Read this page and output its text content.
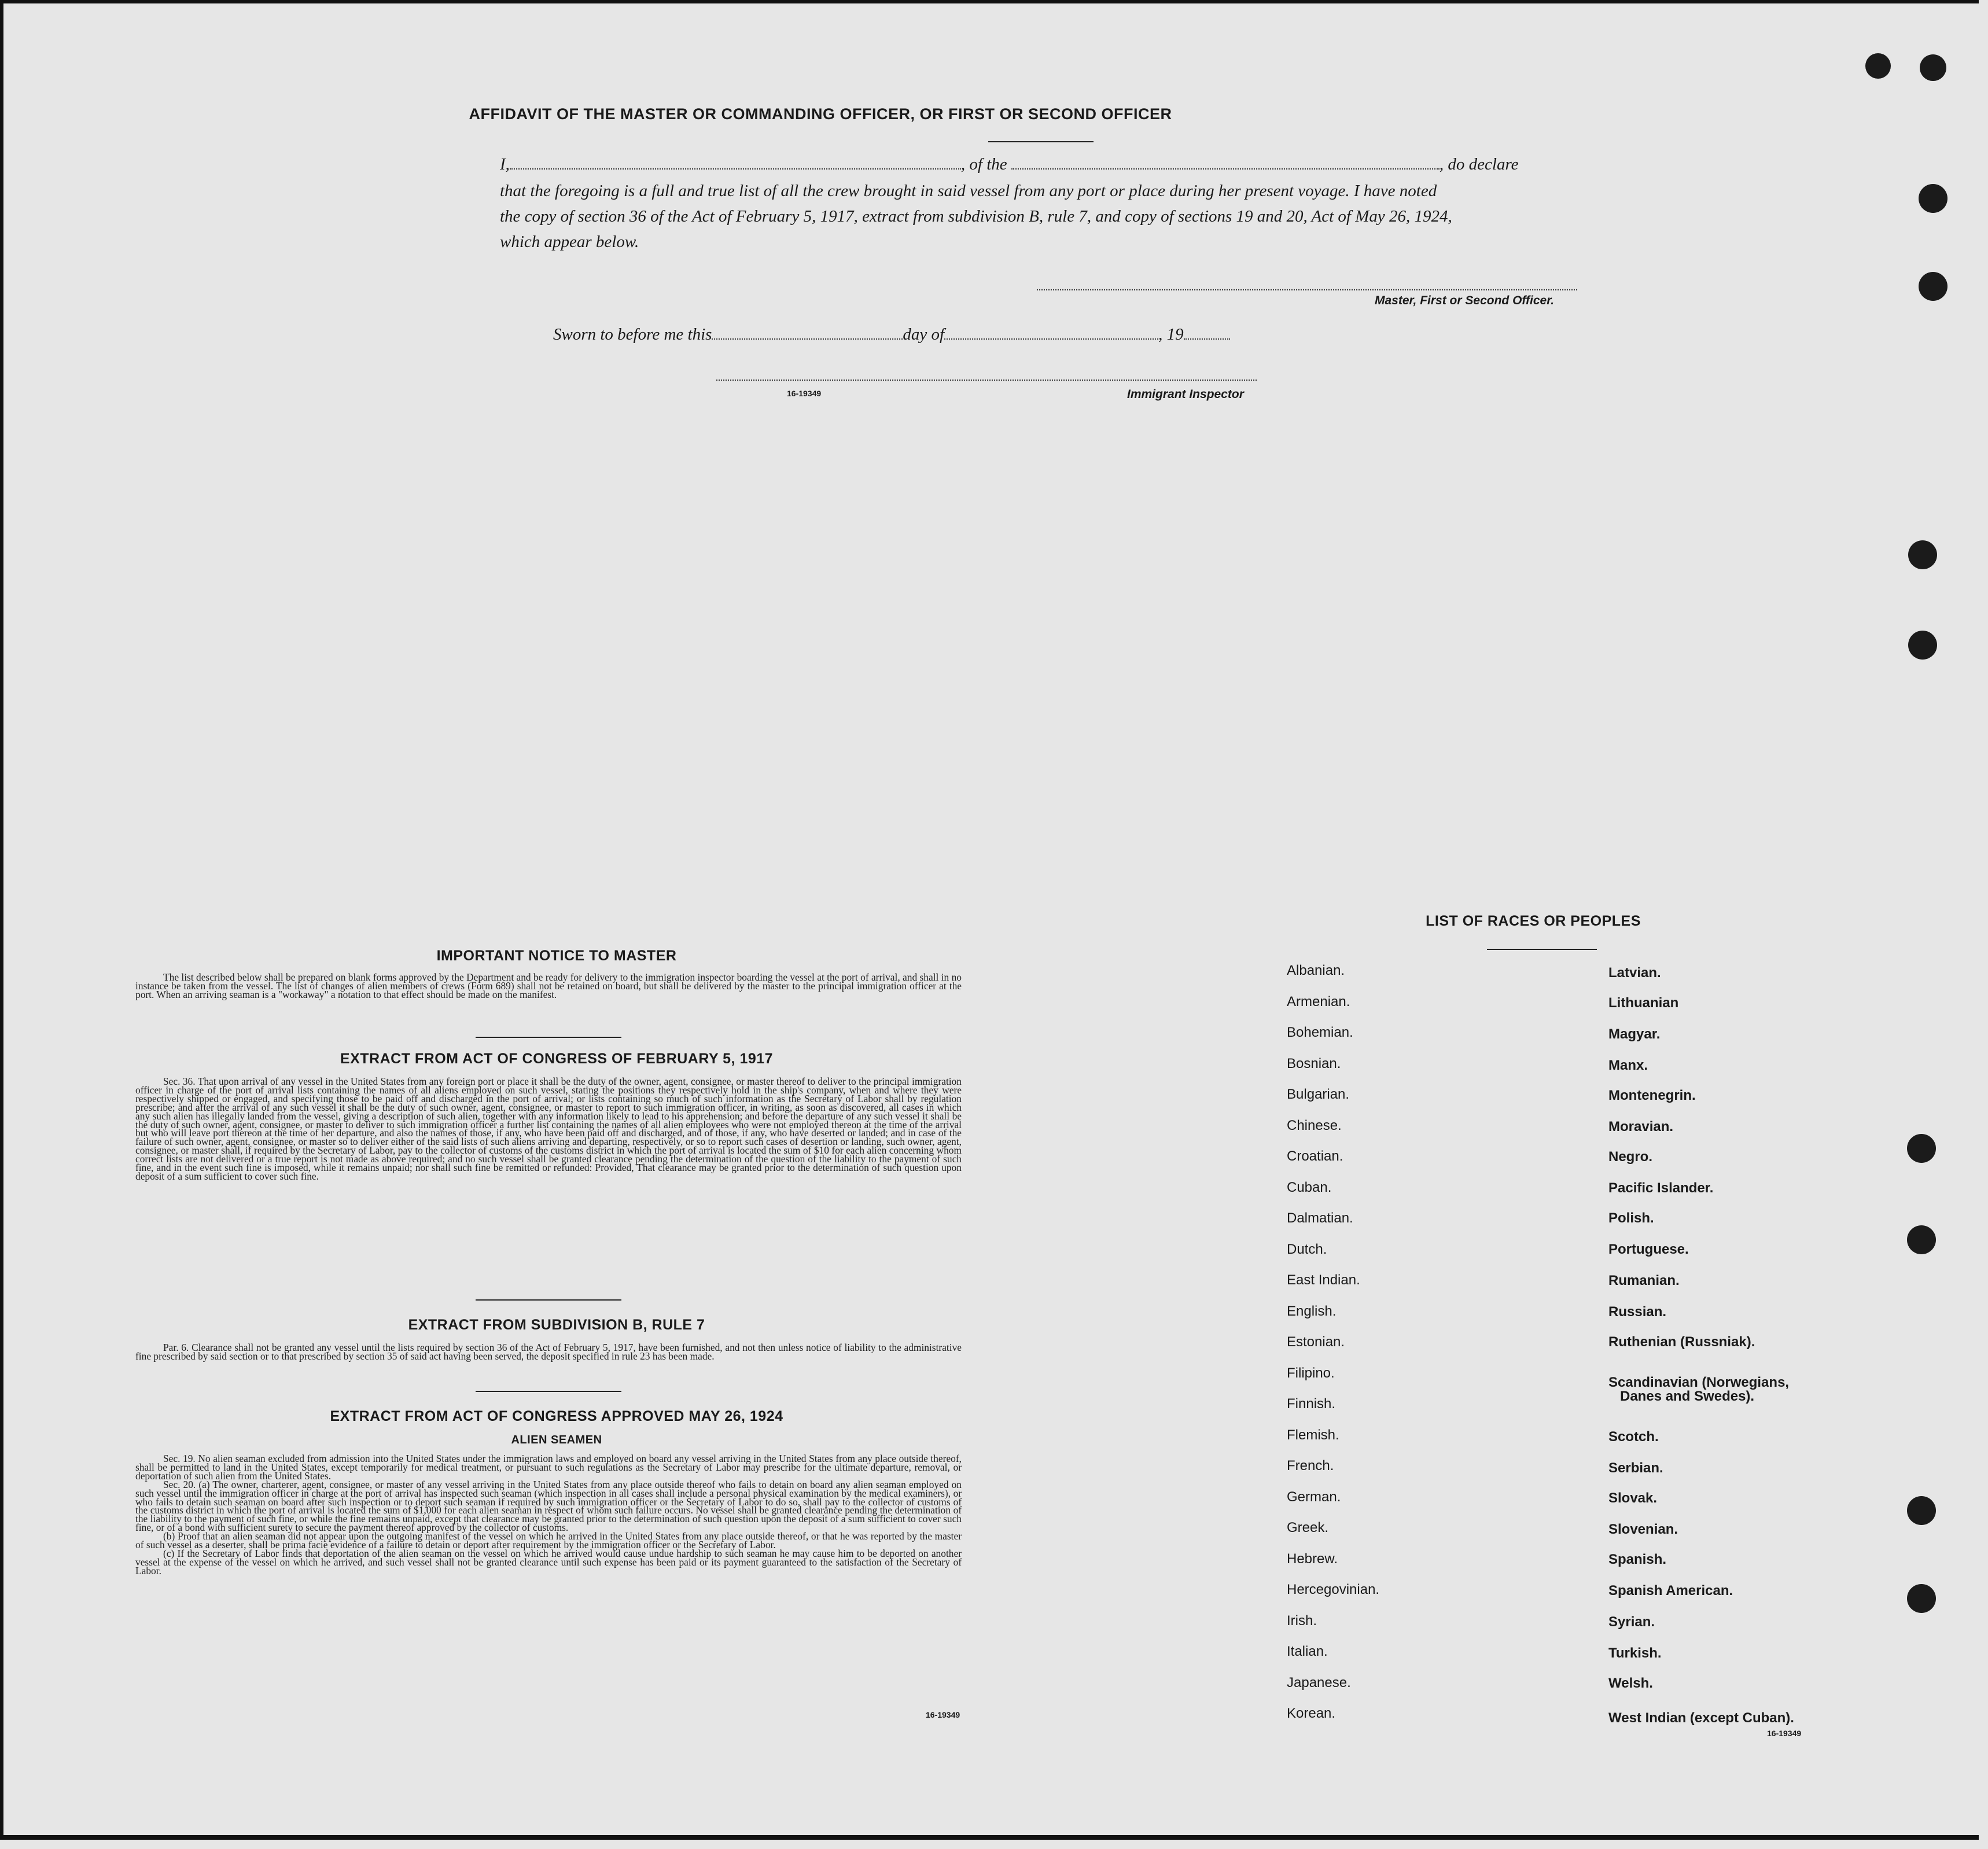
AFFIDAVIT OF THE MASTER OR COMMANDING OFFICER, OR FIRST OR SECOND OFFICER
I,	, of the	, do declare
that the foregoing is a full and true list of all the crew brought in said vessel from any port or place during her present voyage. I have noted
the copy of section 36 of the Act of February 5, 1917, extract from subdivision B, rule 7, and copy of sections 19 and 20, Act of May 26, 1924,
which appear below.
Master, First or Second Officer.
Sworn to before me this	day of	, 19
16-19349	Immigrant Inspector
IMPORTANT NOTICE TO MASTER

The list described below shall be prepared on blank forms approved by the Department and be ready for delivery to the immigration inspector boarding the vessel at the port of arrival, and shall in no instance be taken from the vessel. The list of changes of alien members of crews (Form 689) shall not be retained on board, but shall be delivered by the master to the principal immigration officer at the port. When an arriving seaman is a "workaway" a notation to that effect should be made on the manifest.

EXTRACT FROM ACT OF CONGRESS OF FEBRUARY 5, 1917

Sec. 36. That upon arrival of any vessel in the United States from any foreign port or place it shall be the duty of the owner, agent, consignee, or master thereof to deliver to the principal immigration officer in charge of the port of arrival lists containing the names of all aliens employed on such vessel, stating the positions they respectively hold in the ship's company, when and where they were respectively shipped or engaged, and specifying those to be paid off and discharged in the port of arrival; or lists containing so much of such information as the Secretary of Labor shall by regulation prescribe; and after the arrival of any such vessel it shall be the duty of such owner, agent, consignee, or master to report to such immigration officer, in writing, as soon as discovered, all cases in which any such alien has illegally landed from the vessel, giving a description of such alien, together with any information likely to lead to his apprehension; and before the departure of any such vessel it shall be the duty of such owner, agent, consignee, or master to deliver to such immigration officer a further list containing the names of all alien employees who were not employed thereon at the time of the arrival but who will leave port thereon at the time of her departure, and also the names of those, if any, who have been paid off and discharged, and of those, if any, who have deserted or landed; and in case of the failure of such owner, agent, consignee, or master so to deliver either of the said lists of such aliens arriving and departing, respectively, or so to report such cases of desertion or landing, such owner, agent, consignee, or master shall, if required by the Secretary of Labor, pay to the collector of customs of the customs district in which the port of arrival is located the sum of $10 for each alien concerning whom correct lists are not delivered or a true report is not made as above required; and no such vessel shall be granted clearance pending the determination of the question of the liability to the payment of such fine, and in the event such fine is imposed, while it remains unpaid; nor shall such fine be remitted or refunded: Provided, That clearance may be granted prior to the determination of such question upon deposit of a sum sufficient to cover such fine.

EXTRACT FROM SUBDIVISION B, RULE 7

Par. 6. Clearance shall not be granted any vessel until the lists required by section 36 of the Act of February 5, 1917, have been furnished, and not then unless notice of liability to the administrative fine prescribed by said section or to that prescribed by section 35 of said act having been served, the deposit specified in rule 23 has been made.

EXTRACT FROM ACT OF CONGRESS APPROVED MAY 26, 1924
ALIEN SEAMEN

Sec. 19. No alien seaman excluded from admission into the United States under the immigration laws and employed on board any vessel arriving in the United States from any place outside thereof, shall be permitted to land in the United States, except temporarily for medical treatment, or pursuant to such regulations as the Secretary of Labor may prescribe for the ultimate departure, removal, or deportation of such alien from the United States.

Sec. 20. (a) The owner, charterer, agent, consignee, or master of any vessel arriving in the United States from any place outside thereof who fails to detain on board any alien seaman employed on such vessel until the immigration officer in charge at the port of arrival has inspected such seaman (which inspection in all cases shall include a personal physical examination by the medical examiners), or who fails to detain such seaman on board after such inspection or to deport such seaman if required by such immigration officer or the Secretary of Labor to do so, shall pay to the collector of customs of the customs district in which the port of arrival is located the sum of $1,000 for each alien seaman in respect of whom such failure occurs. No vessel shall be granted clearance pending the determination of the liability to the payment of such fine, or while the fine remains unpaid, except that clearance may be granted prior to the determination of such question upon the deposit of a sum sufficient to cover such fine, or of a bond with sufficient surety to secure the payment thereof approved by the collector of customs.

(b) Proof that an alien seaman did not appear upon the outgoing manifest of the vessel on which he arrived in the United States from any place outside thereof, or that he was reported by the master of such vessel as a deserter, shall be prima facie evidence of a failure to detain or deport after requirement by the immigration officer or the Secretary of Labor.

(c) If the Secretary of Labor finds that deportation of the alien seaman on the vessel on which he arrived would cause undue hardship to such seaman he may cause him to be deported on another vessel at the expense of the vessel on which he arrived, and such vessel shall not be granted clearance until such expense has been paid or its payment guaranteed to the satisfaction of the Secretary of Labor.

16-19349
LIST OF RACES OR PEOPLES
Albanian.
Armenian.
Bohemian.
Bosnian.
Bulgarian.
Chinese.
Croatian.
Cuban.
Dalmatian.
Dutch.
East Indian.
English.
Estonian.
Filipino.
Finnish.
Flemish.
French.
German.
Greek.
Hebrew.
Hercegovinian.
Irish.
Italian.
Japanese.
Korean.
Latvian.
Lithuanian
Magyar.
Manx.
Montenegrin.
Moravian.
Negro.
Pacific Islander.
Polish.
Portuguese.
Rumanian.
Russian.
Ruthenian (Russniak).
Scandinavian (Norwegians,
Danes and Swedes).
Scotch.
Serbian.
Slovak.
Slovenian.
Spanish.
Spanish American.
Syrian.
Turkish.
Welsh.
West Indian (except Cuban).
16-19349
